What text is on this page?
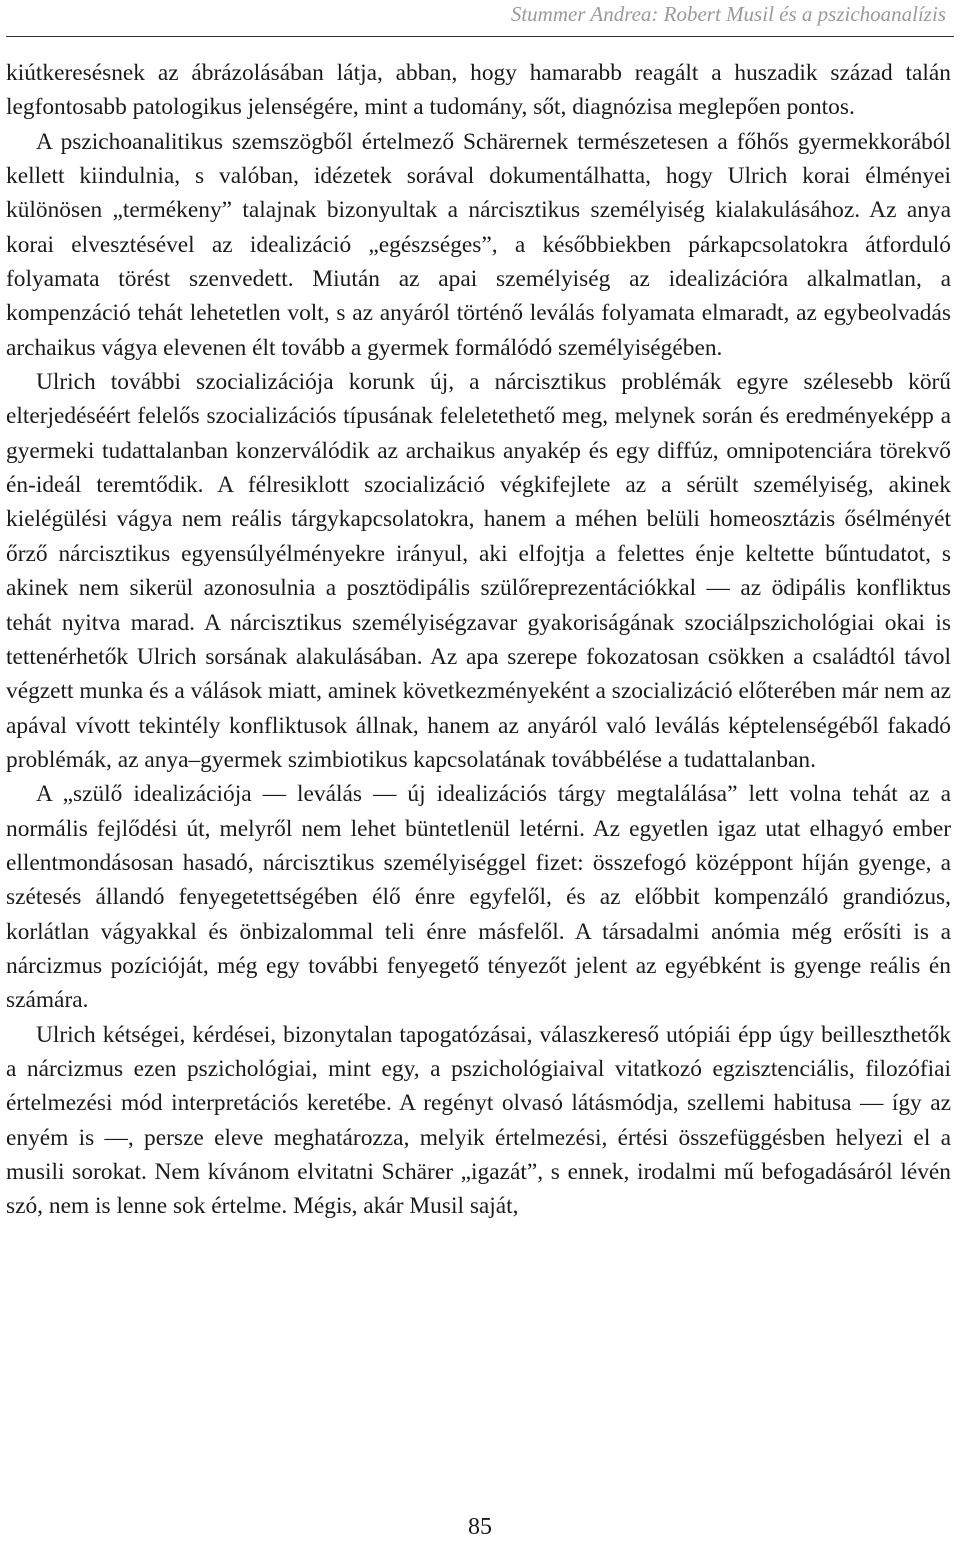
Stummer Andrea: Robert Musil és a pszichoanalízis

kiútkeresésnek az ábrázolásában látja, abban, hogy hamarabb reagált a huszadik század talán legfontosabb patologikus jelenségére, mint a tudomány, sőt, diagnózisa meglepően pontos.

A pszichoanalitikus szemszögből értelmező Schärernek természetesen a főhős gyermekkorából kellett kiindulnia, s valóban, idézetek sorával dokumentálhatta, hogy Ulrich korai élményei különösen „termékeny” talajnak bizonyultak a nárcisztikus személyiség kialakulásához. Az anya korai elvesztésével az idealizáció „egészséges”, a későbbiekben párkapcsolatokra átforduló folyamata törést szenvedett. Miután az apai személyiség az idealizációra alkalmatlan, a kompenzáció tehát lehetetlen volt, s az anyáról történő leválás folyamata elmaradt, az egybeolvadás archaikus vágya elevenen élt tovább a gyermek formálódó személyiségében.

Ulrich további szocializációja korunk új, a nárcisztikus problémák egyre szélesebb körű elterjedéséért felelős szocializációs típusának feleletethető meg, melynek során és eredményeképp a gyermeki tudattalanban konzerválódik az archaikus anyakép és egy diffúz, omnipotenciára törekvő én-ideál teremtődik. A félresiklott szocializáció végkifejlete az a sérült személyiség, akinek kielégülési vágya nem reális tárgykapcsolatokra, hanem a méhen belüli homeosztázis ősélményét őrző nárcisztikus egyensúlyélményekre irányul, aki elfojtja a felettes énje keltette bűntudatot, s akinek nem sikerül azonosulnia a posztödipális szülőreprezentációkkal — az ödipális konfliktus tehát nyitva marad. A nárcisztikus személyiségzavar gyakoriságának szociálpszichológiai okai is tettenérhetők Ulrich sorsának alakulásában. Az apa szerepe fokozatosan csökken a családtól távol végzett munka és a válások miatt, aminek következményeként a szocializáció előterében már nem az apával vívott tekintély konfliktusok állnak, hanem az anyáról való leválás képtelenségéből fakadó problémák, az anya–gyermek szimbiotikus kapcsolatának továbbélése a tudattalanban.

A „szülő idealizációja — leválás — új idealizációs tárgy megtalálása” lett volna tehát az a normális fejlődési út, melyről nem lehet büntetlenül letérni. Az egyetlen igaz utat elhagyó ember ellentmondásosan hasadó, nárcisztikus személyiséggel fizet: összefogó középpont híján gyenge, a szétesés állandó fenyegetettségében élő énre egyfelől, és az előbbit kompenzáló grandiózus, korlátlan vágyakkal és önbizalommal teli énre másfelől. A társadalmi anómia még erősíti is a nárcizmus pozícióját, még egy további fenyegető tényezőt jelent az egyébként is gyenge reális én számára.

Ulrich kétségei, kérdései, bizonytalan tapogatózásai, válaszkereső utópiái épp úgy beilleszthetők a nárcizmus ezen pszichológiai, mint egy, a pszichológiaival vitatkozó egzisztenciális, filozófiai értelmezési mód interpretációs keretébe. A regényt olvasó látásmódja, szellemi habitusa — így az enyém is —, persze eleve meghatározza, melyik értelmezési, értési összefüggésben helyezi el a musili sorokat. Nem kívánom elvitatni Schärer „igazát”, s ennek, irodalmi mű befogadásáról lévén szó, nem is lenne sok értelme. Mégis, akár Musil saját,

85
